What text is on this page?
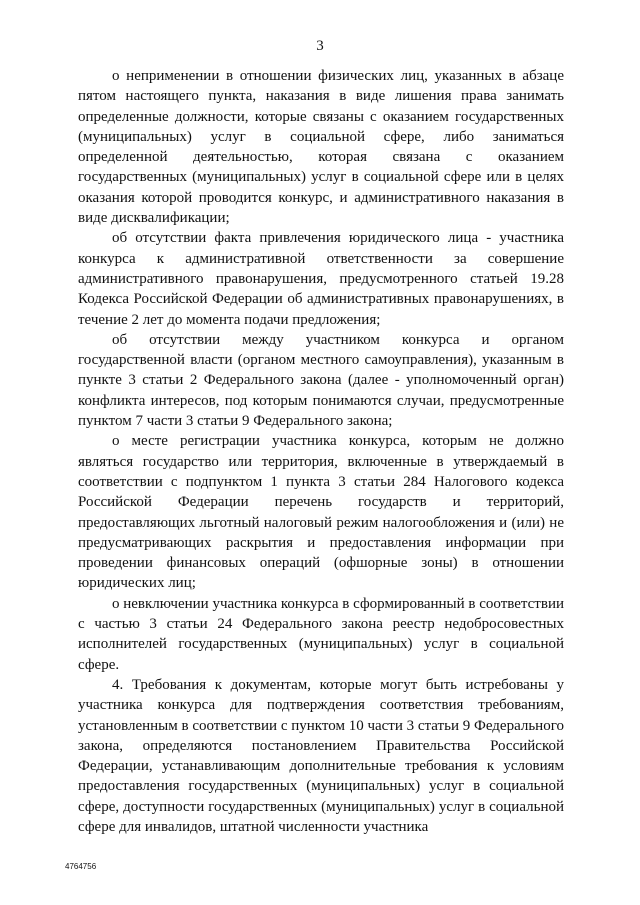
3

о неприменении в отношении физических лиц, указанных в абзаце пятом настоящего пункта, наказания в виде лишения права занимать определенные должности, которые связаны с оказанием государственных (муниципальных) услуг в социальной сфере, либо заниматься определенной деятельностью, которая связана с оказанием государственных (муниципальных) услуг в социальной сфере или в целях оказания которой проводится конкурс, и административного наказания в виде дисквалификации;

об отсутствии факта привлечения юридического лица - участника конкурса к административной ответственности за совершение административного правонарушения, предусмотренного статьей 19.28 Кодекса Российской Федерации об административных правонарушениях, в течение 2 лет до момента подачи предложения;

об отсутствии между участником конкурса и органом государственной власти (органом местного самоуправления), указанным в пункте 3 статьи 2 Федерального закона (далее - уполномоченный орган) конфликта интересов, под которым понимаются случаи, предусмотренные пунктом 7 части 3 статьи 9 Федерального закона;

о месте регистрации участника конкурса, которым не должно являться государство или территория, включенные в утверждаемый в соответствии с подпунктом 1 пункта 3 статьи 284 Налогового кодекса Российской Федерации перечень государств и территорий, предоставляющих льготный налоговый режим налогообложения и (или) не предусматривающих раскрытия и предоставления информации при проведении финансовых операций (офшорные зоны) в отношении юридических лиц;

о невключении участника конкурса в сформированный в соответствии с частью 3 статьи 24 Федерального закона реестр недобросовестных исполнителей государственных (муниципальных) услуг в социальной сфере.

4. Требования к документам, которые могут быть истребованы у участника конкурса для подтверждения соответствия требованиям, установленным в соответствии с пунктом 10 части 3 статьи 9 Федерального закона, определяются постановлением Правительства Российской Федерации, устанавливающим дополнительные требования к условиям предоставления государственных (муниципальных) услуг в социальной сфере, доступности государственных (муниципальных) услуг в социальной сфере для инвалидов, штатной численности участника

4764756
